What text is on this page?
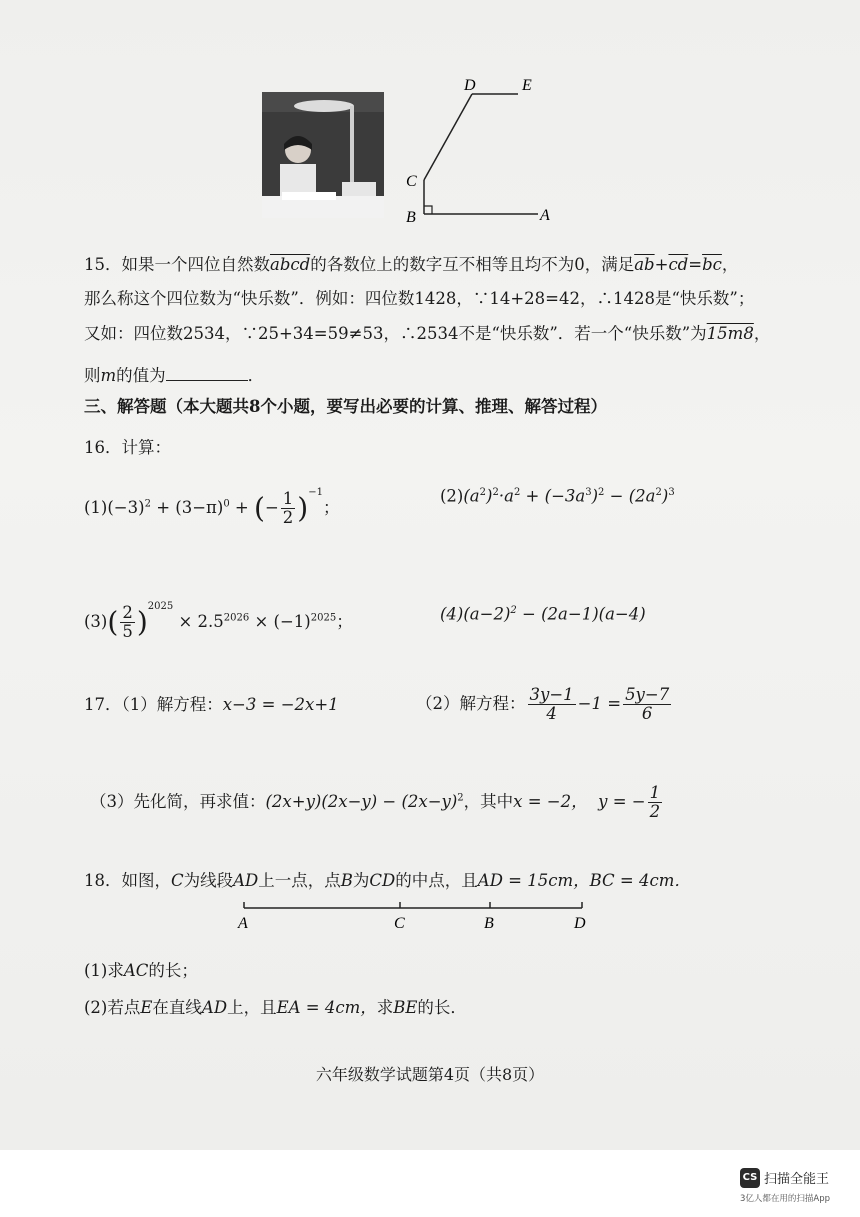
D	E
C
B	A
15．如果一个四位自然数abcd的各数位上的数字互不相等且均不为0，满足$\overline{ab}+\overline{cd}=\overline{bc}$，
那么称这个四位数为“快乐数”．例如：四位数1428，∵14+28=42，∴1428是“快乐数”；
又如：四位数2534，∵25+34=59≠53，∴2534不是“快乐数”．若一个“快乐数”为15m8，
则m的值为	．
三、解答题（本大题共8个小题，要写出必要的计算、推理、解答过程）
16．计算：
$(1)(-3)^2 + (3-\pi)^0$ + (− $\frac{1}{2} )^{-1}$；
$(2)(a^2)^2\cdot a^2 + (-3a^3)^2 - (2a^2)^3$
$(3)( \frac{2}{5} )^{2025} \times 2.5^{2026} \times (-1)^{2025}$；	$(4)(a-2)^2 - (2a-1)(a-4)$
17．（1）解方程：x−3 = −2x+1	（2）解方程： $\frac{3y-1}{4} -1 = \frac{5y-7}{6}$
（3）先化简，再求值：$(2x+y)(2x-y) - (2x-y)^2$，其中x = −2， y = − $\frac{1}{2}$
18．如图，C为线段AD上一点，点B为CD的中点，且AD = 15cm，BC = 4cm．
A	C	B	D
(1)求AC的长；
(2)若点E在直线AD上，且EA = 4cm，求BE的长．
六年级数学试题第4页（共8页）
CS 扫描全能王
3亿人都在用的扫描App
